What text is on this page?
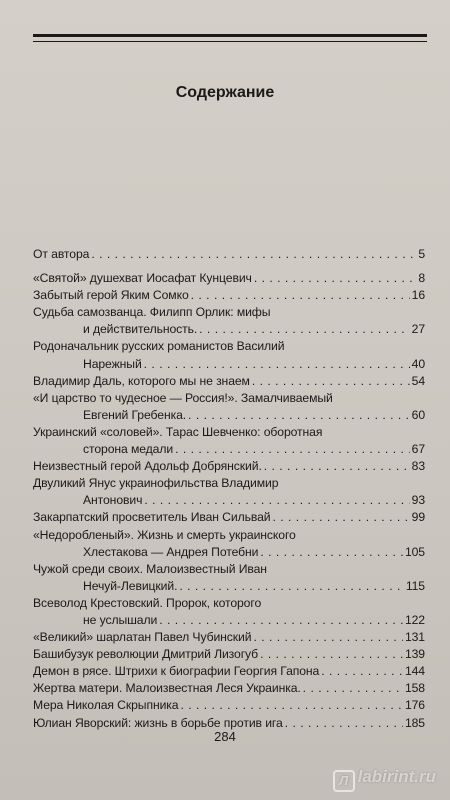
Содержание
От автора . . .	5
«Святой» душехват Иосафат Кунцевич . . .	8
Забытый герой Яким Сомко . . .	16
Судьба самозванца. Филипп Орлик: мифы
и действительность. . . .	27
Родоначальник русских романистов Василий
Нарежный . . .	40
Владимир Даль, которого мы не знаем . . .	54
«И царство то чудесное — Россия!». Замалчиваемый
Евгений Гребенка. . . .	60
Украинский «соловей». Тарас Шевченко: оборотная
сторона медали . . .	67
Неизвестный герой Адольф Добрянский. . . .	83
Двуликий Янус украинофильства Владимир
Антонович . . .	93
Закарпатский просветитель Иван Сильвай . . .	99
«Недоробленый». Жизнь и смерть украинского
Хлестакова — Андрея Потебни . . .	105
Чужой среди своих. Малоизвестный Иван
Нечуй-Левицкий. . . .	115
Всеволод Крестовский. Пророк, которого
не услышали . . .	122
«Великий» шарлатан Павел Чубинский . . .	131
Башибузук революции Дмитрий Лизогуб . . .	139
Демон в рясе. Штрихи к биографии Георгия Гапона . . .	144
Жертва матери. Малоизвестная Леся Украинка. . . .	158
Мера Николая Скрыпника . . .	176
Юлиан Яворский: жизнь в борьбе против ига . . .	185
284
Л labirint.ru
